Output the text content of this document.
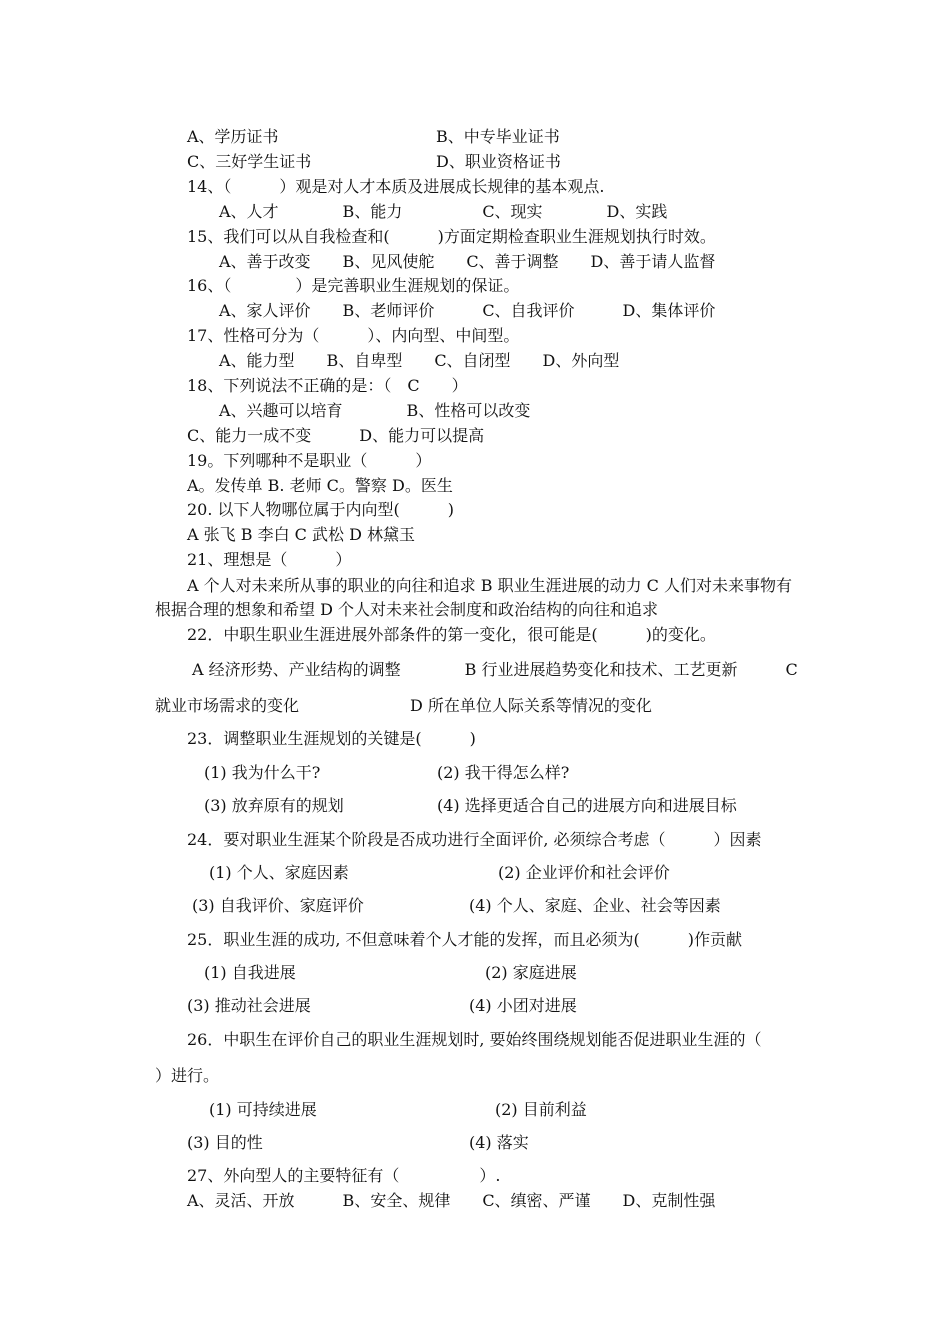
A、学历证书	B、中专毕业证书
C、三好学生证书	D、职业资格证书
14、（　　　）观是对人才本质及进展成长规律的基本观点.
A、人才　　　　B、能力　　　　　C、现实　　　　D、实践
15、我们可以从自我检查和(　　　)方面定期检查职业生涯规划执行时效。
A、善于改变　　B、见风使舵　　C、善于调整　　D、善于请人监督
16、（　　　　）是完善职业生涯规划的保证。
A、家人评价　　B、老师评价　　　C、自我评价　　　D、集体评价
17、性格可分为（　　　）、内向型、中间型。
A、能力型　　B、自卑型　　C、自闭型　　D、外向型
18、下列说法不正确的是：（　C　　）
A、兴趣可以培育　　　　B、性格可以改变
C、能力一成不变　　　D、能力可以提高
19。下列哪种不是职业（　　　）
A。发传单 B. 老师 C。警察 D。医生
20. 以下人物哪位属于内向型(　　　)
A 张飞 B 李白 C 武松 D 林黛玉
21、理想是（　　　）
A 个人对未来所从事的职业的向往和追求 B 职业生涯进展的动力 C 人们对未来事物有
根据合理的想象和希望 D 个人对未来社会制度和政治结构的向往和追求
22．中职生职业生涯进展外部条件的第一变化，很可能是(　　　)的变化。
A 经济形势、产业结构的调整　　　　B 行业进展趋势变化和技术、工艺更新　　　C
就业市场需求的变化	D 所在单位人际关系等情况的变化
23．调整职业生涯规划的关键是(　　　)
(1) 我为什么干?	(2) 我干得怎么样?
(3) 放弃原有的规划	(4) 选择更适合自己的进展方向和进展目标
24．要对职业生涯某个阶段是否成功进行全面评价, 必须综合考虑（　　　）因素
(1) 个人、家庭因素	(2) 企业评价和社会评价
(3) 自我评价、家庭评价	(4) 个人、家庭、企业、社会等因素
25．职业生涯的成功, 不但意味着个人才能的发挥，而且必须为(　　　)作贡献
(1) 自我进展	(2) 家庭进展
(3) 推动社会进展	(4) 小团对进展
26．中职生在评价自己的职业生涯规划时, 要始终围绕规划能否促进职业生涯的（
）进行。
(1) 可持续进展	(2) 目前利益
(3) 目的性	(4) 落实
27、外向型人的主要特征有（　　　　　）.
A、灵活、开放　　　B、安全、规律　　C、缜密、严谨　　D、克制性强
